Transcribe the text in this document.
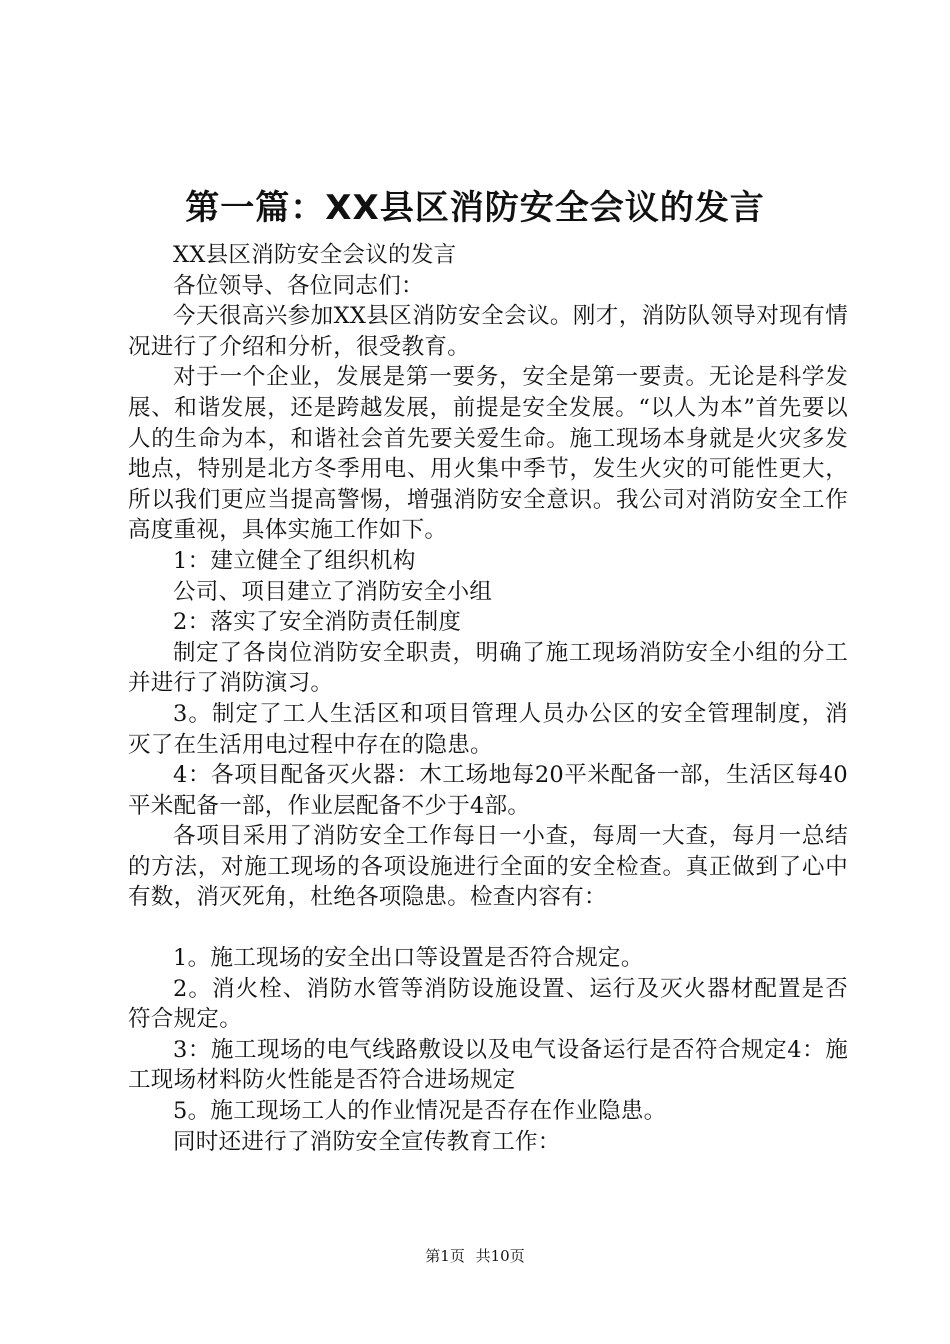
第一篇：XX县区消防安全会议的发言

XX县区消防安全会议的发言

各位领导、各位同志们：

今天很高兴参加XX县区消防安全会议。刚才，消防队领导对现有情况进行了介绍和分析，很受教育。

对于一个企业，发展是第一要务，安全是第一要责。无论是科学发展、和谐发展，还是跨越发展，前提是安全发展。“以人为本”首先要以人的生命为本，和谐社会首先要关爱生命。施工现场本身就是火灾多发地点，特别是北方冬季用电、用火集中季节，发生火灾的可能性更大，所以我们更应当提高警惕，增强消防安全意识。我公司对消防安全工作高度重视，具体实施工作如下。

1：建立健全了组织机构

公司、项目建立了消防安全小组

2：落实了安全消防责任制度

制定了各岗位消防安全职责，明确了施工现场消防安全小组的分工并进行了消防演习。

3。制定了工人生活区和项目管理人员办公区的安全管理制度，消灭了在生活用电过程中存在的隐患。

4：各项目配备灭火器：木工场地每20平米配备一部，生活区每40平米配备一部，作业层配备不少于4部。

各项目采用了消防安全工作每日一小查，每周一大查，每月一总结的方法，对施工现场的各项设施进行全面的安全检查。真正做到了心中有数，消灭死角，杜绝各项隐患。检查内容有：

1。施工现场的安全出口等设置是否符合规定。

2。消火栓、消防水管等消防设施设置、运行及灭火器材配置是否符合规定。

3：施工现场的电气线路敷设以及电气设备运行是否符合规定4：施工现场材料防火性能是否符合进场规定

5。施工现场工人的作业情况是否存在作业隐患。

同时还进行了消防安全宣传教育工作：

第1页 共10页
